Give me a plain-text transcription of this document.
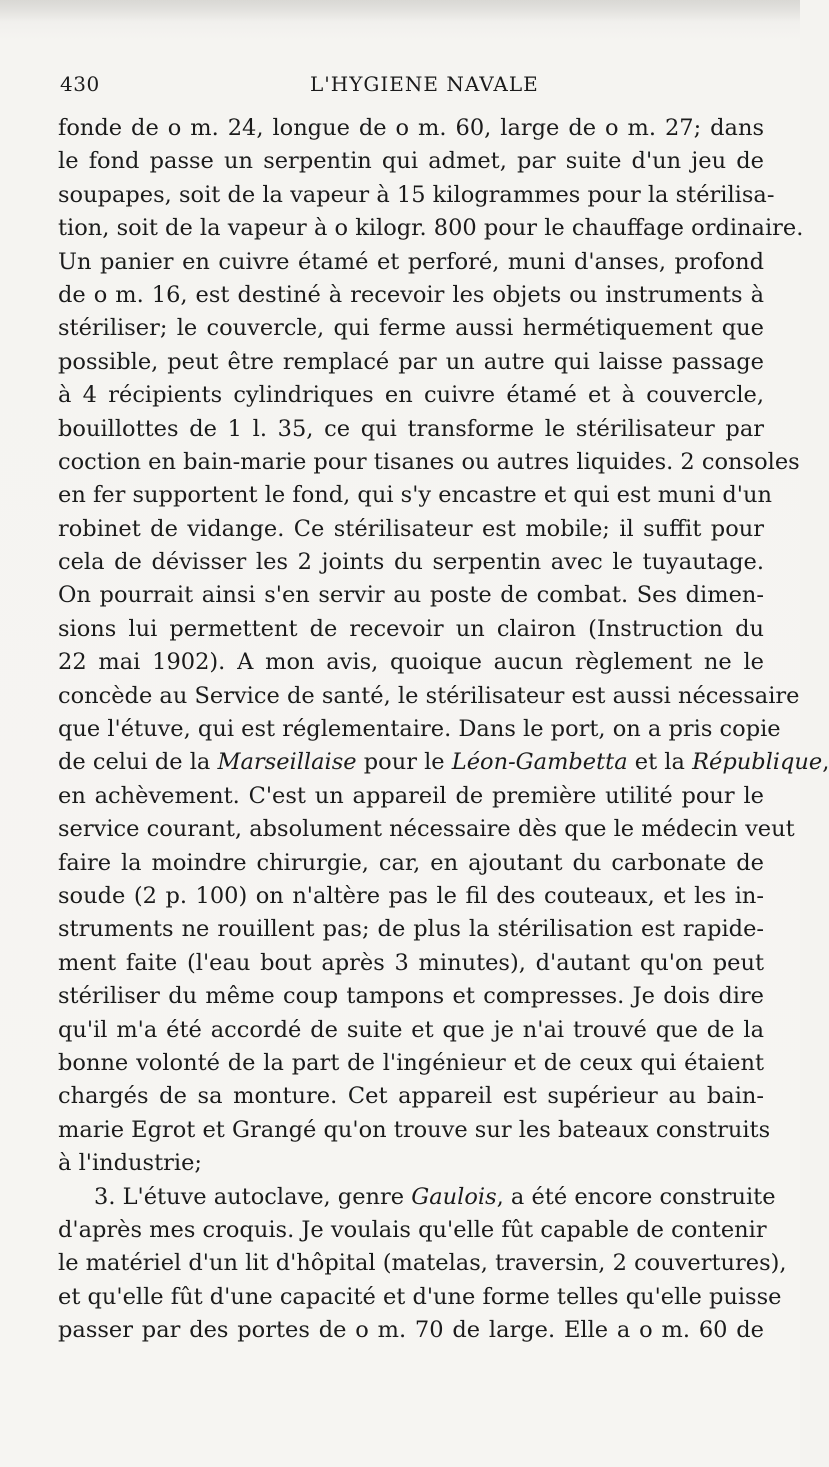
430	L'HYGIENE NAVALE
fonde de o m. 24, longue de o m. 60, large de o m. 27; dans
le fond passe un serpentin qui admet, par suite d'un jeu de
soupapes, soit de la vapeur à 15 kilogrammes pour la stérilisa-
tion, soit de la vapeur à o kilogr. 800 pour le chauffage ordinaire.
Un panier en cuivre étamé et perforé, muni d'anses, profond
de o m. 16, est destiné à recevoir les objets ou instruments à
stériliser; le couvercle, qui ferme aussi hermétiquement que
possible, peut être remplacé par un autre qui laisse passage
à 4 récipients cylindriques en cuivre étamé et à couvercle,
bouillottes de 1 l. 35, ce qui transforme le stérilisateur par
coction en bain-marie pour tisanes ou autres liquides. 2 consoles
en fer supportent le fond, qui s'y encastre et qui est muni d'un
robinet de vidange. Ce stérilisateur est mobile; il suffit pour
cela de dévisser les 2 joints du serpentin avec le tuyautage.
On pourrait ainsi s'en servir au poste de combat. Ses dimen-
sions lui permettent de recevoir un clairon (Instruction du
22 mai 1902). A mon avis, quoique aucun règlement ne le
concède au Service de santé, le stérilisateur est aussi nécessaire
que l'étuve, qui est réglementaire. Dans le port, on a pris copie
de celui de la Marseillaise pour le Léon-Gambetta et la République,
en achèvement. C'est un appareil de première utilité pour le
service courant, absolument nécessaire dès que le médecin veut
faire la moindre chirurgie, car, en ajoutant du carbonate de
soude (2 p. 100) on n'altère pas le fil des couteaux, et les in-
struments ne rouillent pas; de plus la stérilisation est rapide-
ment faite (l'eau bout après 3 minutes), d'autant qu'on peut
stériliser du même coup tampons et compresses. Je dois dire
qu'il m'a été accordé de suite et que je n'ai trouvé que de la
bonne volonté de la part de l'ingénieur et de ceux qui étaient
chargés de sa monture. Cet appareil est supérieur au bain-
marie Egrot et Grangé qu'on trouve sur les bateaux construits
à l'industrie;
3. L'étuve autoclave, genre Gaulois, a été encore construite
d'après mes croquis. Je voulais qu'elle fût capable de contenir
le matériel d'un lit d'hôpital (matelas, traversin, 2 couvertures),
et qu'elle fût d'une capacité et d'une forme telles qu'elle puisse
passer par des portes de o m. 70 de large. Elle a o m. 60 de
